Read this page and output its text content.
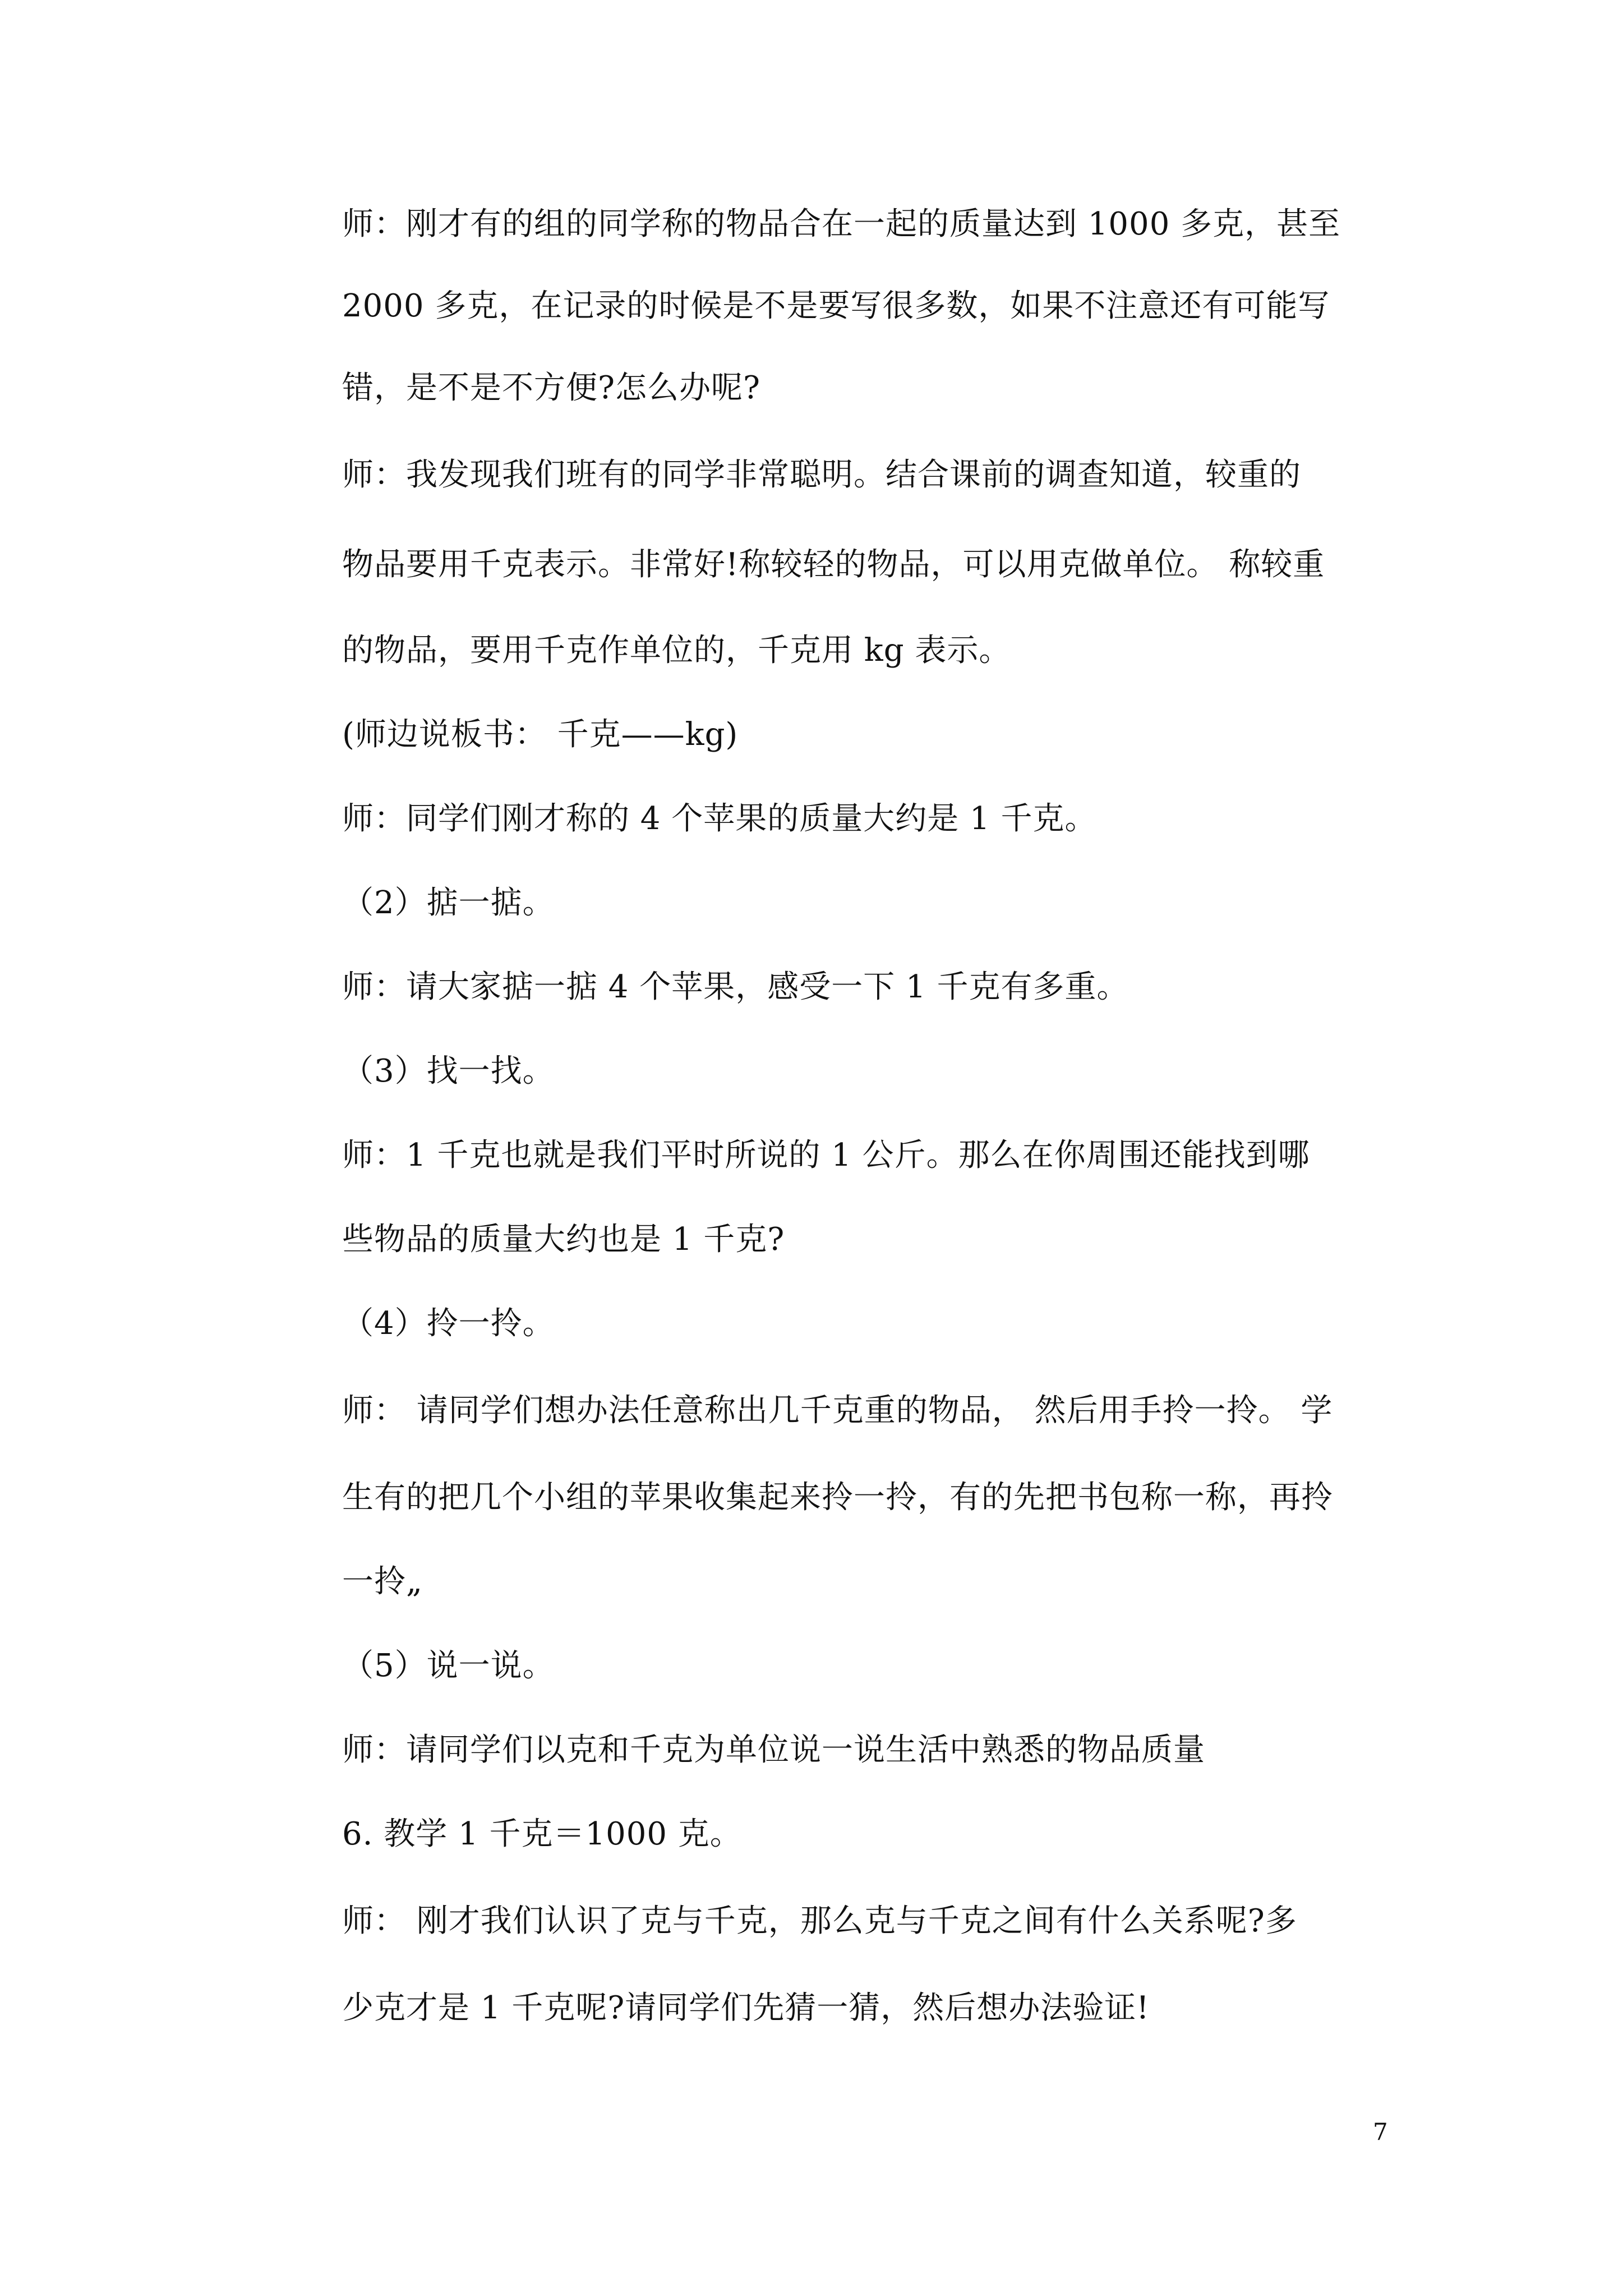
师：刚才有的组的同学称的物品合在一起的质量达到 1000 多克，甚至
2000 多克，在记录的时候是不是要写很多数，如果不注意还有可能写
错，是不是不方便?怎么办呢?
师：我发现我们班有的同学非常聪明。结合课前的调查知道，较重的
物品要用千克表示。非常好!称较轻的物品，可以用克做单位。 称较重
的物品，要用千克作单位的，千克用 kg 表示。
(师边说板书： 千克——kg)
师：同学们刚才称的 4 个苹果的质量大约是 1 千克。
（2）掂一掂。
师：请大家掂一掂 4 个苹果，感受一下 1 千克有多重。
（3）找一找。
师：1 千克也就是我们平时所说的 1 公斤。那么在你周围还能找到哪
些物品的质量大约也是 1 千克?
（4）拎一拎。
师： 请同学们想办法任意称出几千克重的物品， 然后用手拎一拎。 学
生有的把几个小组的苹果收集起来拎一拎，有的先把书包称一称，再拎
一拎„
（5）说一说。
师：请同学们以克和千克为单位说一说生活中熟悉的物品质量
6. 教学 1 千克＝1000 克。
师： 刚才我们认识了克与千克，那么克与千克之间有什么关系呢?多
少克才是 1 千克呢?请同学们先猜一猜，然后想办法验证!
7
